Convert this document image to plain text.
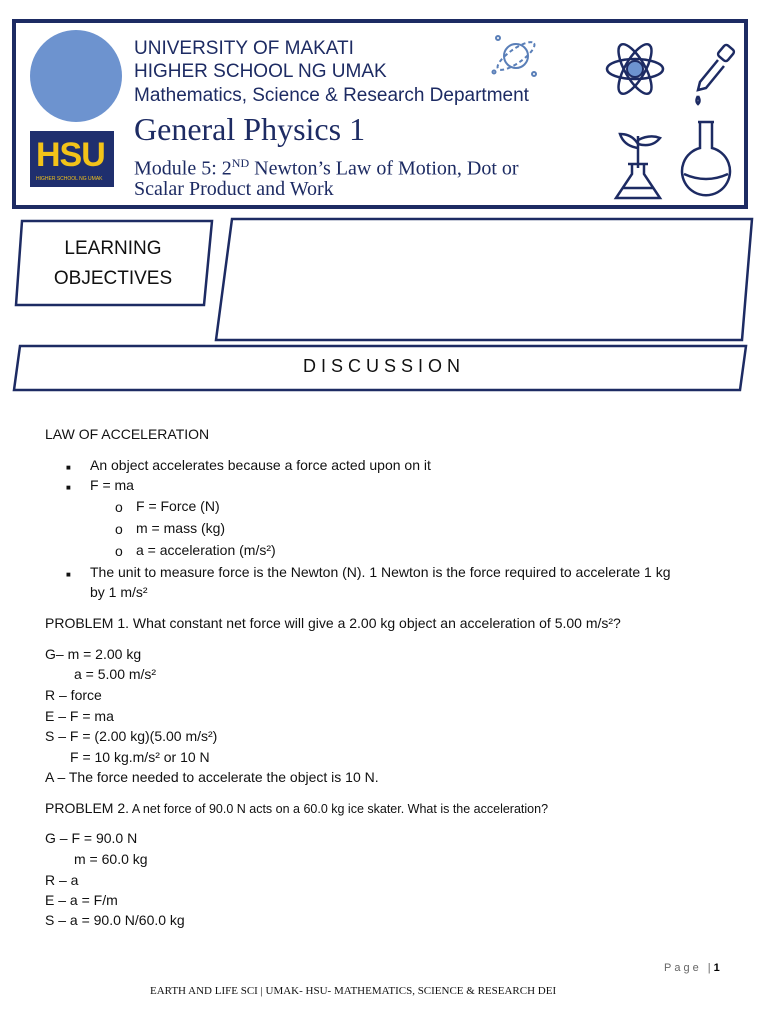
HSU
HIGHER SCHOOL NG UMAK
UNIVERSITY OF MAKATI
HIGHER SCHOOL NG UMAK
Mathematics, Science & Research Department
General Physics 1
Module 5: 2ND Newton’s Law of Motion, Dot or
Scalar Product and Work
LEARNING
OBJECTIVES
DISCUSSION
LAW OF ACCELERATION
■ An object accelerates because a force acted upon on it
■ F = ma
o F = Force (N)
o m = mass (kg)
o a = acceleration (m/s²)
■ The unit to measure force is the Newton (N). 1 Newton is the force required to accelerate 1 kg
by 1 m/s²
PROBLEM 1. What constant net force will give a 2.00 kg object an acceleration of 5.00 m/s²?
G– m = 2.00 kg
a = 5.00 m/s²
R – force
E – F = ma
S – F = (2.00 kg)(5.00 m/s²)
F = 10 kg.m/s² or 10 N
A – The force needed to accelerate the object is 10 N.
PROBLEM 2. A net force of 90.0 N acts on a 60.0 kg ice skater. What is the acceleration?
G – F = 90.0 N
m = 60.0 kg
R – a
E – a = F/m
S – a = 90.0 N/60.0 kg
Page |1
EARTH AND LIFE SCI | UMAK- HSU- MATHEMATICS, SCIENCE & RESEARCH DEI
